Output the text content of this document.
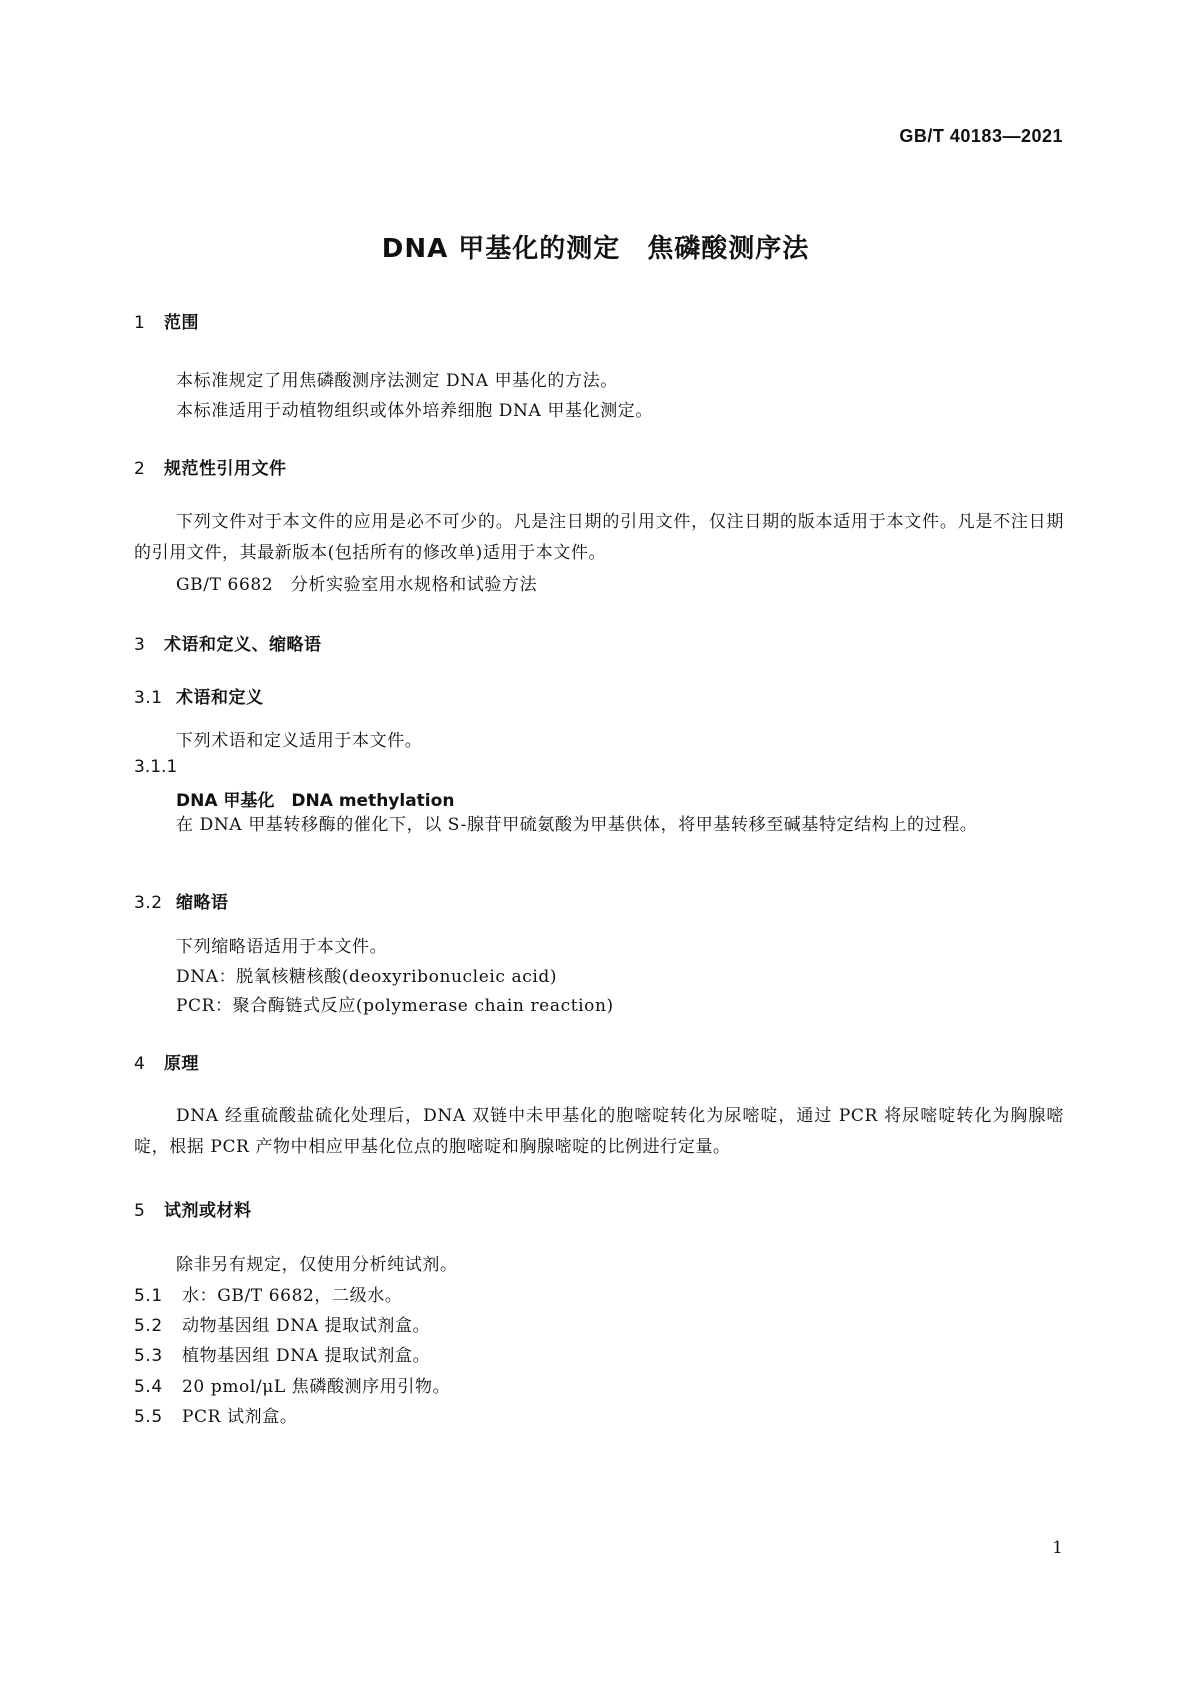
GB/T 40183—2021
DNA 甲基化的测定　焦磷酸测序法
1 范围
本标准规定了用焦磷酸测序法测定 DNA 甲基化的方法。
本标准适用于动植物组织或体外培养细胞 DNA 甲基化测定。
2 规范性引用文件
下列文件对于本文件的应用是必不可少的。凡是注日期的引用文件，仅注日期的版本适用于本文件。凡是不注日期的引用文件，其最新版本(包括所有的修改单)适用于本文件。
GB/T 6682　分析实验室用水规格和试验方法
3 术语和定义、缩略语
3.1 术语和定义
下列术语和定义适用于本文件。
3.1.1
DNA 甲基化　DNA methylation
在 DNA 甲基转移酶的催化下，以 S-腺苷甲硫氨酸为甲基供体，将甲基转移至碱基特定结构上的过程。
3.2 缩略语
下列缩略语适用于本文件。
DNA：脱氧核糖核酸(deoxyribonucleic acid)
PCR：聚合酶链式反应(polymerase chain reaction)
4 原理
DNA 经重硫酸盐硫化处理后，DNA 双链中未甲基化的胞嘧啶转化为尿嘧啶，通过 PCR 将尿嘧啶转化为胸腺嘧啶，根据 PCR 产物中相应甲基化位点的胞嘧啶和胸腺嘧啶的比例进行定量。
5 试剂或材料
除非另有规定，仅使用分析纯试剂。
5.1 水：GB/T 6682，二级水。
5.2 动物基因组 DNA 提取试剂盒。
5.3 植物基因组 DNA 提取试剂盒。
5.4 20 pmol/μL 焦磷酸测序用引物。
5.5 PCR 试剂盒。
1
